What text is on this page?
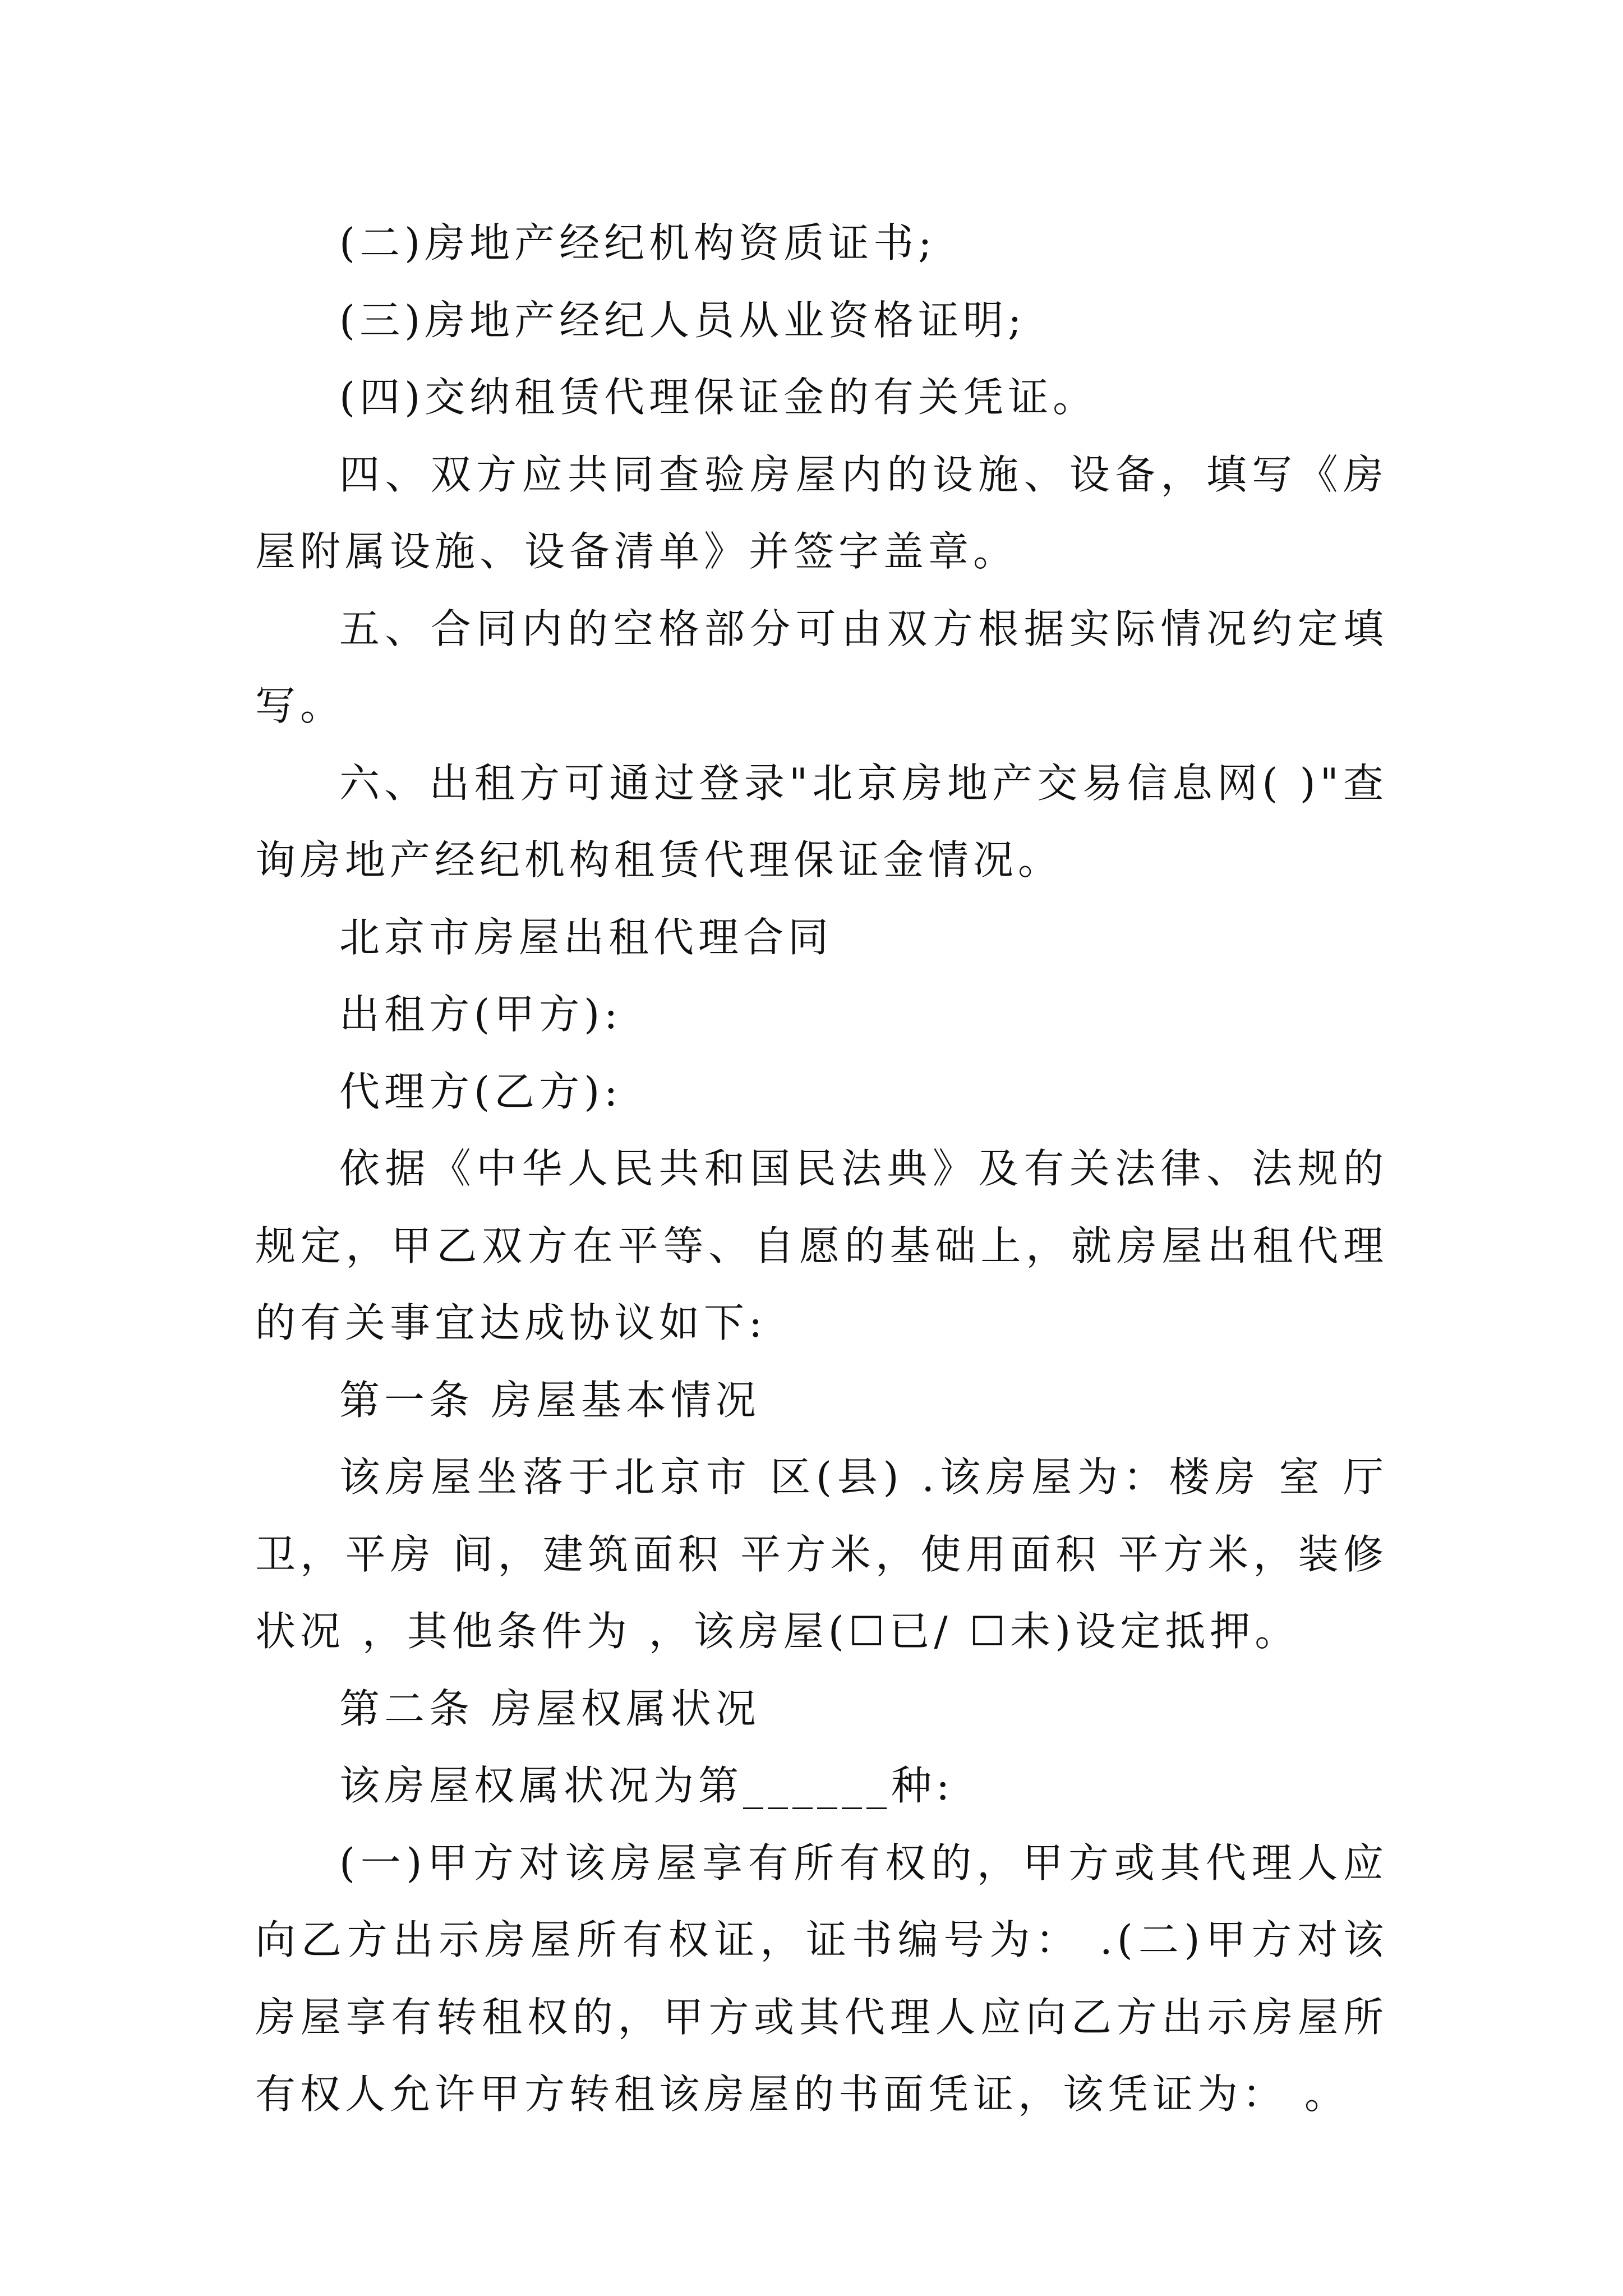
(二)房地产经纪机构资质证书;

(三)房地产经纪人员从业资格证明;

(四)交纳租赁代理保证金的有关凭证。

四、双方应共同查验房屋内的设施、设备，填写《房屋附属设施、设备清单》并签字盖章。

五、合同内的空格部分可由双方根据实际情况约定填写。

六、出租方可通过登录"北京房地产交易信息网( )"查询房地产经纪机构租赁代理保证金情况。

北京市房屋出租代理合同

出租方(甲方):

代理方(乙方):

依据《中华人民共和国民法典》及有关法律、法规的规定，甲乙双方在平等、自愿的基础上，就房屋出租代理的有关事宜达成协议如下:

第一条 房屋基本情况

该房屋坐落于北京市 区(县) .该房屋为：楼房 室 厅 卫，平房 间，建筑面积 平方米，使用面积 平方米，装修状况 ，其他条件为 ，该房屋(☐已/ ☐未)设定抵押。

第二条 房屋权属状况

该房屋权属状况为第______种:

(一)甲方对该房屋享有所有权的，甲方或其代理人应向乙方出示房屋所有权证，证书编号为： .(二)甲方对该房屋享有转租权的，甲方或其代理人应向乙方出示房屋所有权人允许甲方转租该房屋的书面凭证，该凭证为： 。
